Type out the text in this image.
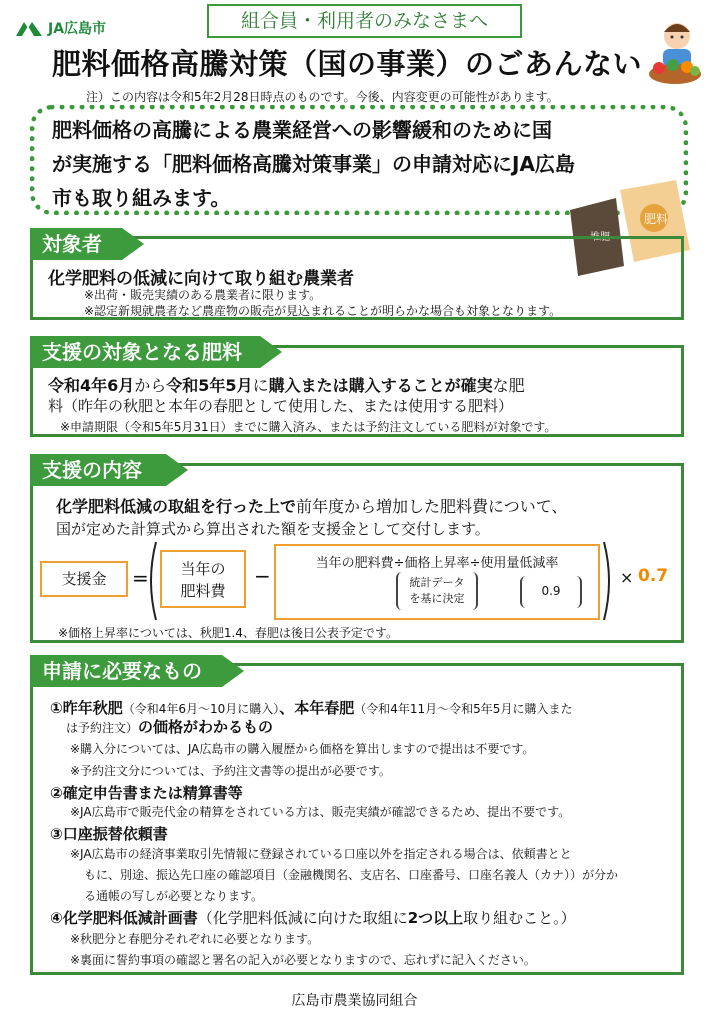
JA広島市	組合員・利用者のみなさまへ
肥料価格高騰対策（国の事業）のごあんない
注）この内容は令和5年2月28日時点のものです。今後、内容変更の可能性があります。
肥料価格の高騰による農業経営への影響緩和のために国
が実施する「肥料価格高騰対策事業」の申請対応にJA広島
市も取り組みます。
堆肥
肥料
対象者
化学肥料の低減に向けて取り組む農業者
※出荷・販売実績のある農業者に限ります。
※認定新規就農者など農産物の販売が見込まれることが明らかな場合も対象となります。
支援の対象となる肥料
令和4年6月から令和5年5月に購入または購入することが確実な肥
料（昨年の秋肥と本年の春肥として使用した、または使用する肥料）
※申請期限（令和5年5月31日）までに購入済み、または予約注文している肥料が対象です。
支援の内容
化学肥料低減の取組を行った上で前年度から増加した肥料費について、
国が定めた計算式から算出された額を支援金として交付します。
支援金	=	当年の
肥料費
−
当年の肥料費÷価格上昇率÷使用量低減率
統計データ
を基に決定
0.9
× 0.7
※価格上昇率については、秋肥1.4、春肥は後日公表予定です。
申請に必要なもの
①昨年秋肥（令和4年6月～10月に購入）、本年春肥（令和4年11月～令和5年5月に購入また
は予約注文）の価格がわかるもの
※購入分については、JA広島市の購入履歴から価格を算出しますので提出は不要です。
※予約注文分については、予約注文書等の提出が必要です。
②確定申告書または精算書等
※JA広島市で販売代金の精算をされている方は、販売実績が確認できるため、提出不要です。
③口座振替依頼書
※JA広島市の経済事業取引先情報に登録されている口座以外を指定される場合は、依頼書とと
もに、別途、振込先口座の確認項目（金融機関名、支店名、口座番号、口座名義人（カナ））が分か
る通帳の写しが必要となります。
④化学肥料低減計画書（化学肥料低減に向けた取組に2つ以上取り組むこと。）
※秋肥分と春肥分それぞれに必要となります。
※裏面に誓約事項の確認と署名の記入が必要となりますので、忘れずに記入ください。
広島市農業協同組合
